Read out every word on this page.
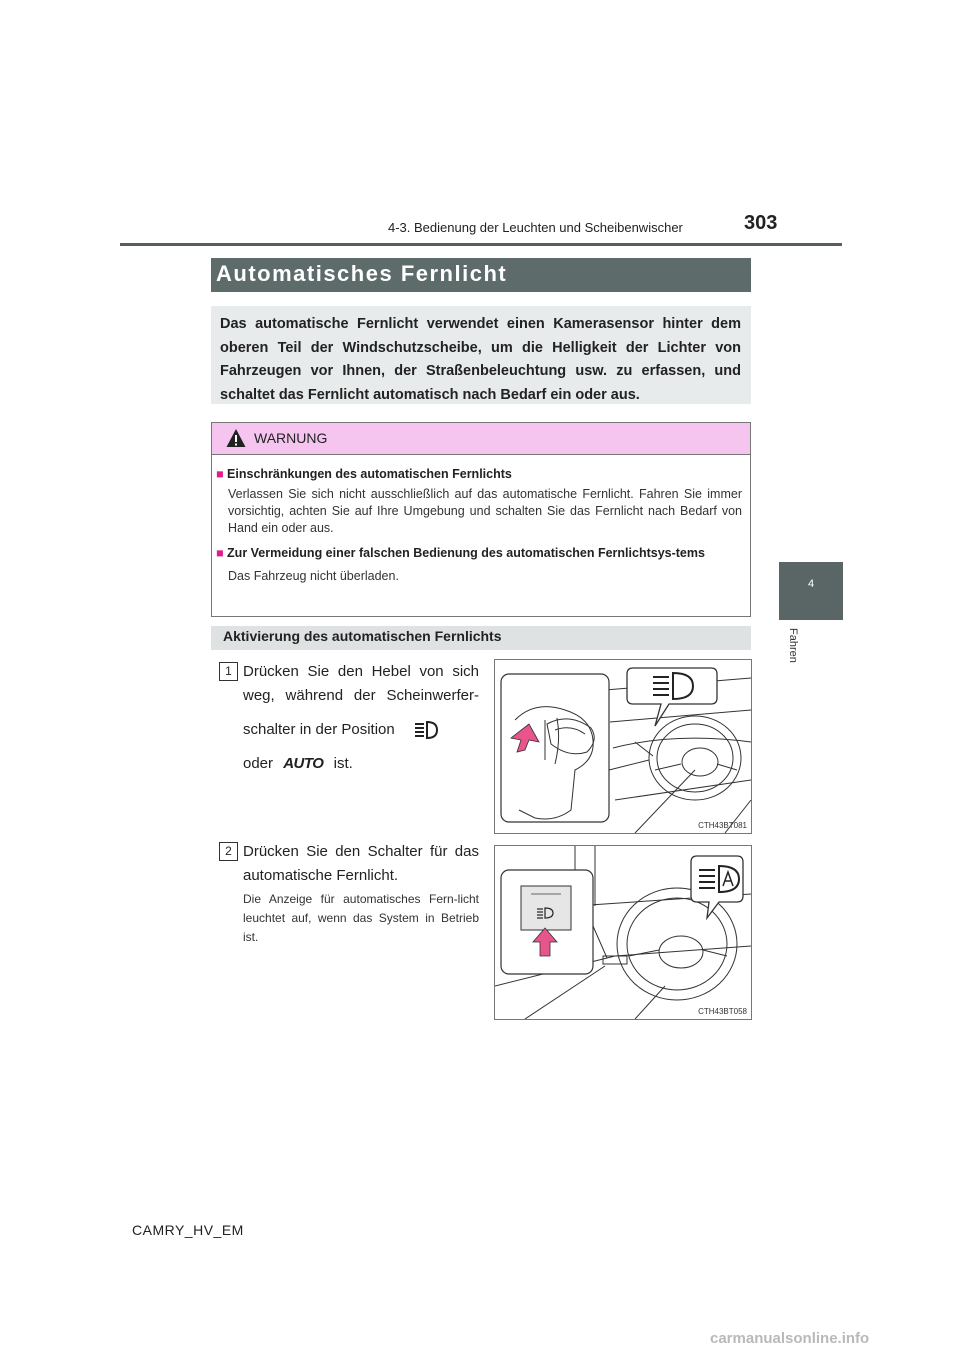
4-3. Bedienung der Leuchten und Scheibenwischer	303
4
Fahren
Automatisches Fernlicht
Das automatische Fernlicht verwendet einen Kamerasensor hinter dem oberen Teil der Windschutzscheibe, um die Helligkeit der Lichter von Fahrzeugen vor Ihnen, der Straßenbeleuchtung usw. zu erfassen, und schaltet das Fernlicht automatisch nach Bedarf ein oder aus.
WARNUNG
■ Einschränkungen des automatischen Fernlichts
Verlassen Sie sich nicht ausschließlich auf das automatische Fernlicht. Fahren Sie immer vorsichtig, achten Sie auf Ihre Umgebung und schalten Sie das Fernlicht nach Bedarf von Hand ein oder aus.
■ Zur Vermeidung einer falschen Bedienung des automatischen Fernlichtsys-tems
Das Fahrzeug nicht überladen.
Aktivierung des automatischen Fernlichts
1 Drücken Sie den Hebel von sich
weg, während der Scheinwerfer-
schalter in der Position
oder AUTO ist.
CTH43BT081
2 Drücken Sie den Schalter für das automatische Fernlicht.
Die Anzeige für automatisches Fern-licht leuchtet auf, wenn das System in Betrieb ist.
CTH43BT058
CAMRY_HV_EM
carmanualsonline.info
